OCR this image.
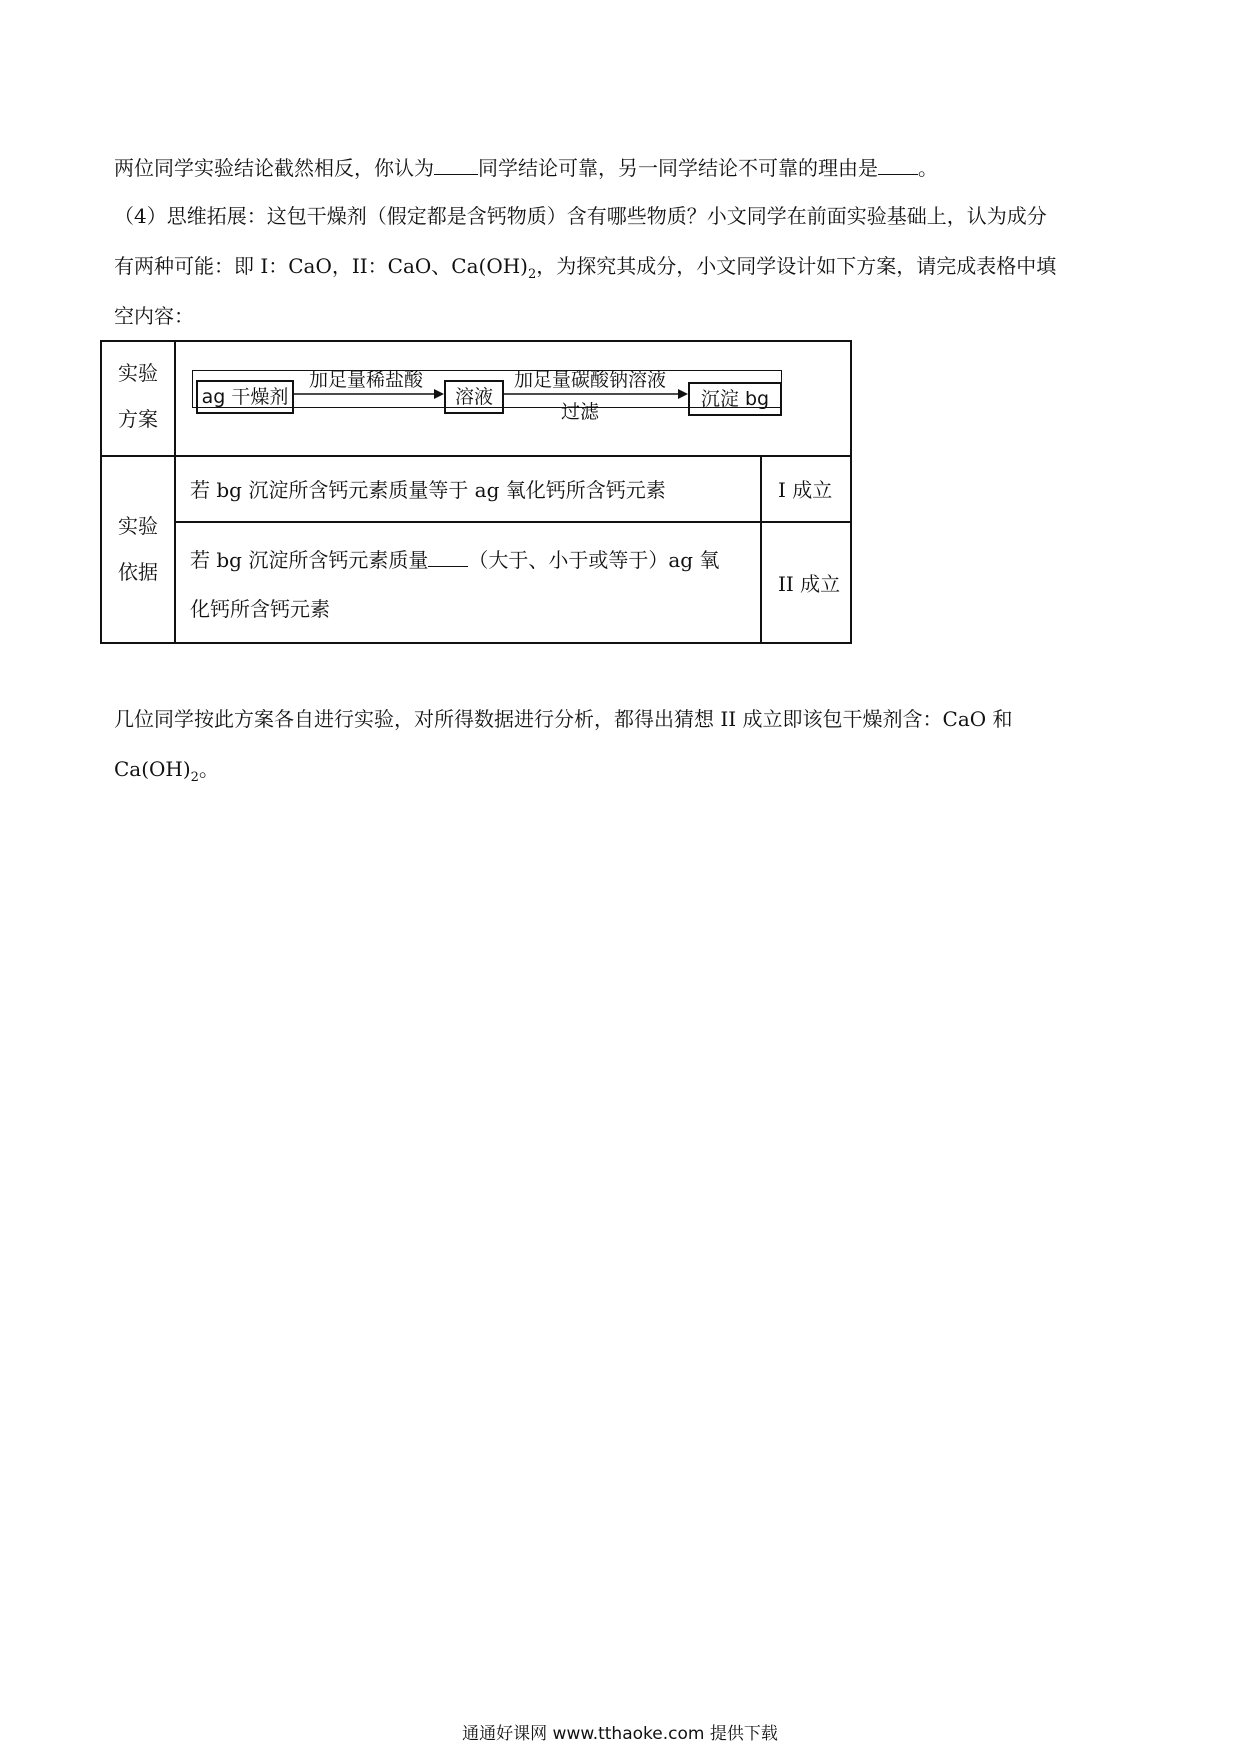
两位同学实验结论截然相反，你认为 同学结论可靠，另一同学结论不可靠的理由是 。
（4）思维拓展：这包干燥剂（假定都是含钙物质）含有哪些物质？小文同学在前面实验基础上，认为成分
有两种可能：即 I：CaO，II：CaO、$Ca(OH)_2$，为探究其成分，小文同学设计如下方案，请完成表格中填
空内容：
实验
方案
实验
依据
ag 干燥剂
加足量稀盐酸
溶液
加足量碳酸钠溶液
过滤
沉淀 bg
若 bg 沉淀所含钙元素质量等于 ag 氧化钙所含钙元素	I 成立
若 bg 沉淀所含钙元素质量 （大于、小于或等于）ag 氧
化钙所含钙元素
II 成立
几位同学按此方案各自进行实验，对所得数据进行分析，都得出猜想 II 成立即该包干燥剂含：CaO 和
$Ca(OH)_2$。
通通好课网 www.tthaoke.com 提供下载
